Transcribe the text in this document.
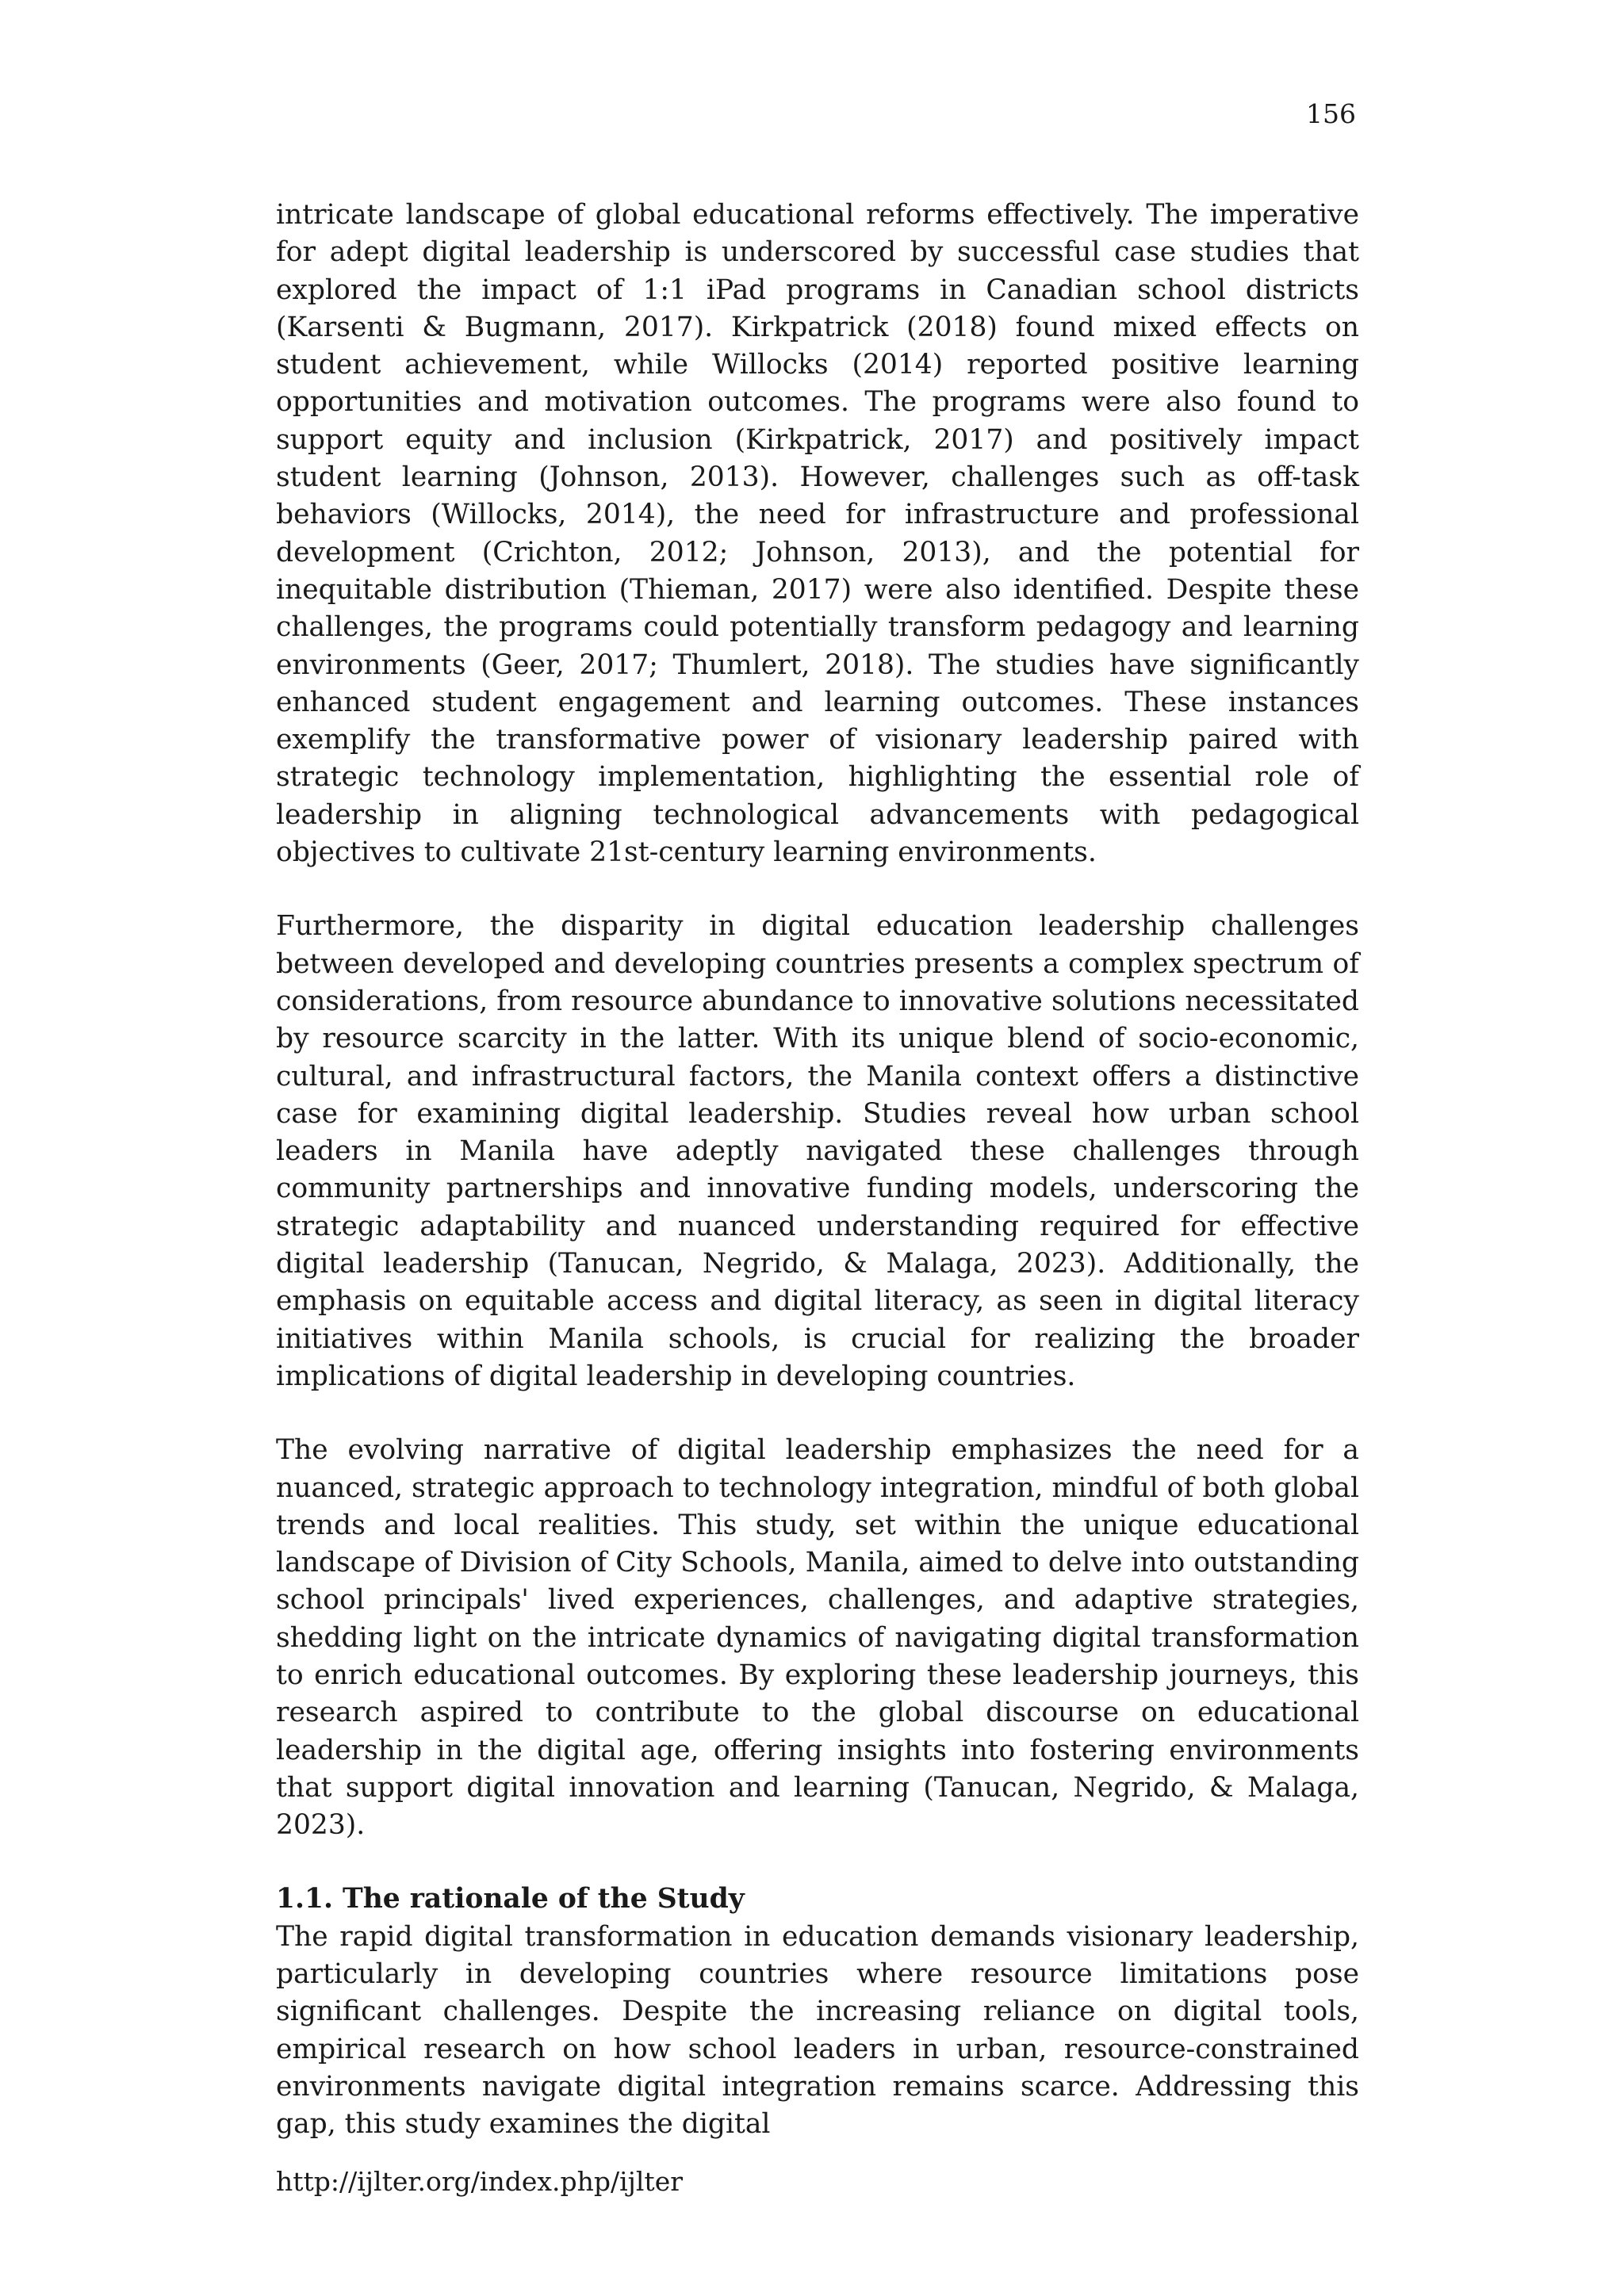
156

intricate landscape of global educational reforms effectively. The imperative for adept digital leadership is underscored by successful case studies that explored the impact of 1:1 iPad programs in Canadian school districts (Karsenti & Bugmann, 2017). Kirkpatrick (2018) found mixed effects on student achievement, while Willocks (2014) reported positive learning opportunities and motivation outcomes. The programs were also found to support equity and inclusion (Kirkpatrick, 2017) and positively impact student learning (Johnson, 2013). However, challenges such as off-task behaviors (Willocks, 2014), the need for infrastructure and professional development (Crichton, 2012; Johnson, 2013), and the potential for inequitable distribution (Thieman, 2017) were also identified. Despite these challenges, the programs could potentially transform pedagogy and learning environments (Geer, 2017; Thumlert, 2018). The studies have significantly enhanced student engagement and learning outcomes. These instances exemplify the transformative power of visionary leadership paired with strategic technology implementation, highlighting the essential role of leadership in aligning technological advancements with pedagogical objectives to cultivate 21st-century learning environments.

Furthermore, the disparity in digital education leadership challenges between developed and developing countries presents a complex spectrum of considerations, from resource abundance to innovative solutions necessitated by resource scarcity in the latter. With its unique blend of socio-economic, cultural, and infrastructural factors, the Manila context offers a distinctive case for examining digital leadership. Studies reveal how urban school leaders in Manila have adeptly navigated these challenges through community partnerships and innovative funding models, underscoring the strategic adaptability and nuanced understanding required for effective digital leadership (Tanucan, Negrido, & Malaga, 2023). Additionally, the emphasis on equitable access and digital literacy, as seen in digital literacy initiatives within Manila schools, is crucial for realizing the broader implications of digital leadership in developing countries.

The evolving narrative of digital leadership emphasizes the need for a nuanced, strategic approach to technology integration, mindful of both global trends and local realities. This study, set within the unique educational landscape of Division of City Schools, Manila, aimed to delve into outstanding school principals' lived experiences, challenges, and adaptive strategies, shedding light on the intricate dynamics of navigating digital transformation to enrich educational outcomes. By exploring these leadership journeys, this research aspired to contribute to the global discourse on educational leadership in the digital age, offering insights into fostering environments that support digital innovation and learning (Tanucan, Negrido, & Malaga, 2023).

1.1. The rationale of the Study

The rapid digital transformation in education demands visionary leadership, particularly in developing countries where resource limitations pose significant challenges. Despite the increasing reliance on digital tools, empirical research on how school leaders in urban, resource-constrained environments navigate digital integration remains scarce. Addressing this gap, this study examines the digital

http://ijlter.org/index.php/ijlter
